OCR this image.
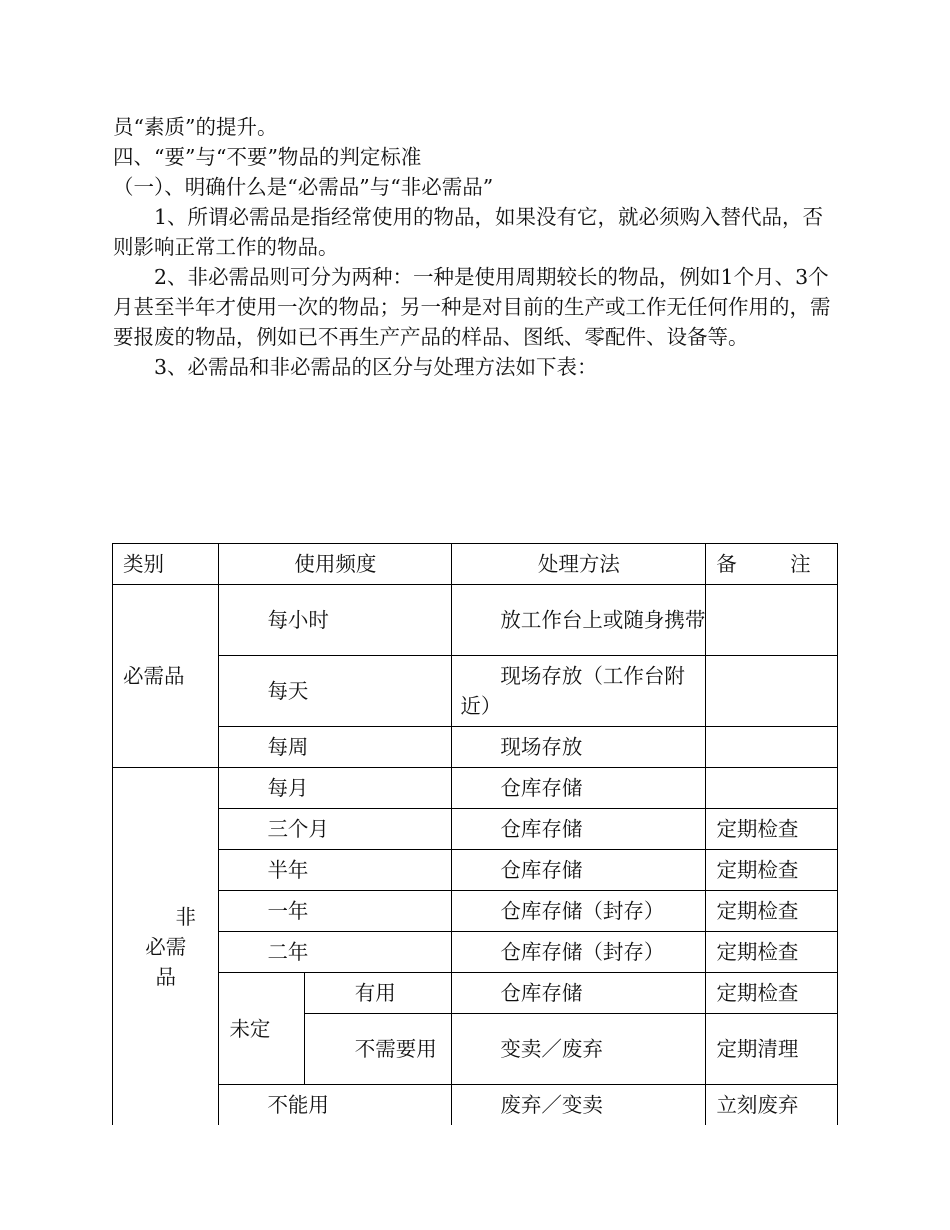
员“素质”的提升。

四、“要”与“不要”物品的判定标准

（一）、明确什么是“必需品”与“非必需品”

1、所谓必需品是指经常使用的物品，如果没有它，就必须购入替代品，否则影响正常工作的物品。

2、非必需品则可分为两种：一种是使用周期较长的物品，例如1个月、3个月甚至半年才使用一次的物品；另一种是对目前的生产或工作无任何作用的，需要报废的物品，例如已不再生产产品的样品、图纸、零配件、设备等。

3、必需品和非必需品的区分与处理方法如下表：

类别	使用频度		处理方法	备　注
必需品	每小时		放工作台上或随身携带	
	每天		现场存放（工作台附近）	
	每周		现场存放	

非
必需
品	每月		仓库存储	
	三个月		仓库存储	定期检查
	半年		仓库存储	定期检查
	一年		仓库存储（封存）	定期检查
	二年		仓库存储（封存）	定期检查
	未定	有用	仓库存储	定期检查
		不需要用	变卖／废弃	定期清理
	不能用		废弃／变卖	立刻废弃
